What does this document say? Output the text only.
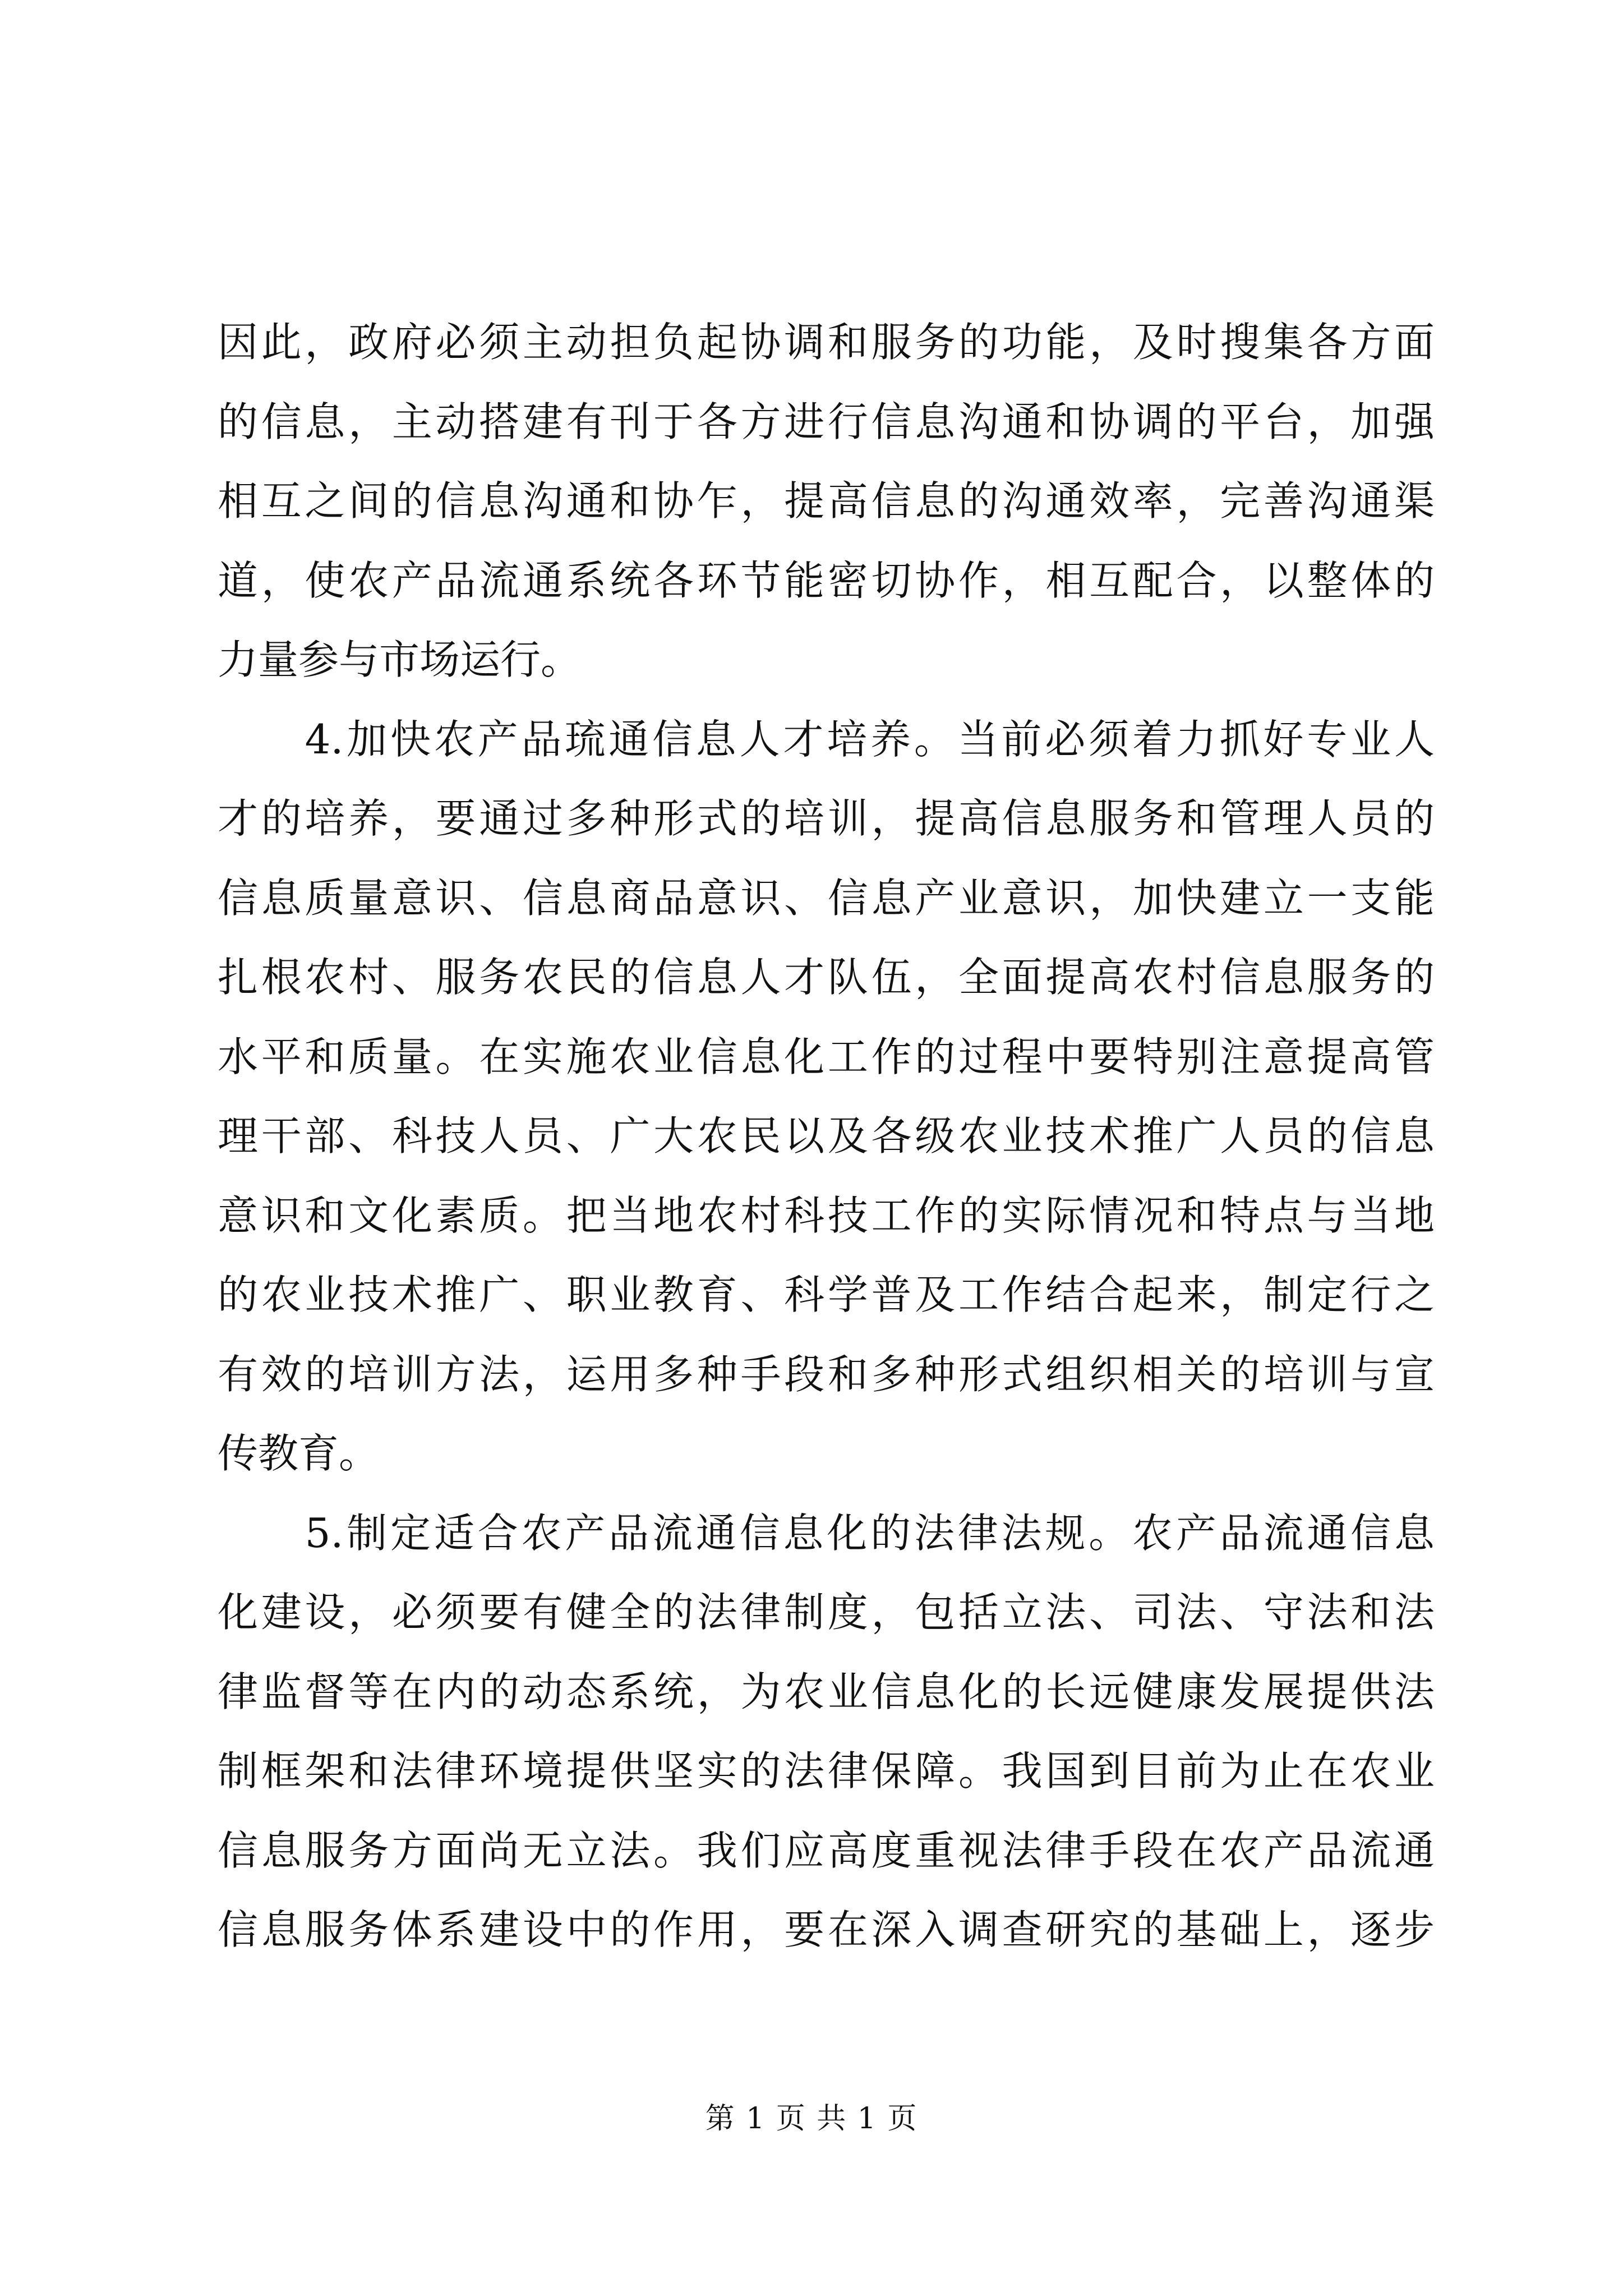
因此，政府必须主动担负起协调和服务的功能，及时搜集各方面
的信息，主动搭建有刊于各方进行信息沟通和协调的平台，加强
相互之间的信息沟通和协乍，提高信息的沟通效率，完善沟通渠
道，使农产品流通系统各环节能密切协作，相互配合，以整体的
力量参与市场运行。
　　4.加快农产品琉通信息人才培养。当前必须着力抓好专业人
才的培养，要通过多种形式的培训，提高信息服务和管理人员的
信息质量意识、信息商品意识、信息产业意识，加快建立一支能
扎根农村、服务农民的信息人才队伍，全面提高农村信息服务的
水平和质量。在实施农业信息化工作的过程中要特别注意提高管
理干部、科技人员、广大农民以及各级农业技术推广人员的信息
意识和文化素质。把当地农村科技工作的实际情况和特点与当地
的农业技术推广、职业教育、科学普及工作结合起来，制定行之
有效的培训方法，运用多种手段和多种形式组织相关的培训与宣
传教育。
　　5.制定适合农产品流通信息化的法律法规。农产品流通信息
化建设，必须要有健全的法律制度，包括立法、司法、守法和法
律监督等在内的动态系统，为农业信息化的长远健康发展提供法
制框架和法律环境提供坚实的法律保障。我国到目前为止在农业
信息服务方面尚无立法。我们应高度重视法律手段在农产品流通
信息服务体系建设中的作用，要在深入调查研究的基础上，逐步
第 1 页 共 1 页
